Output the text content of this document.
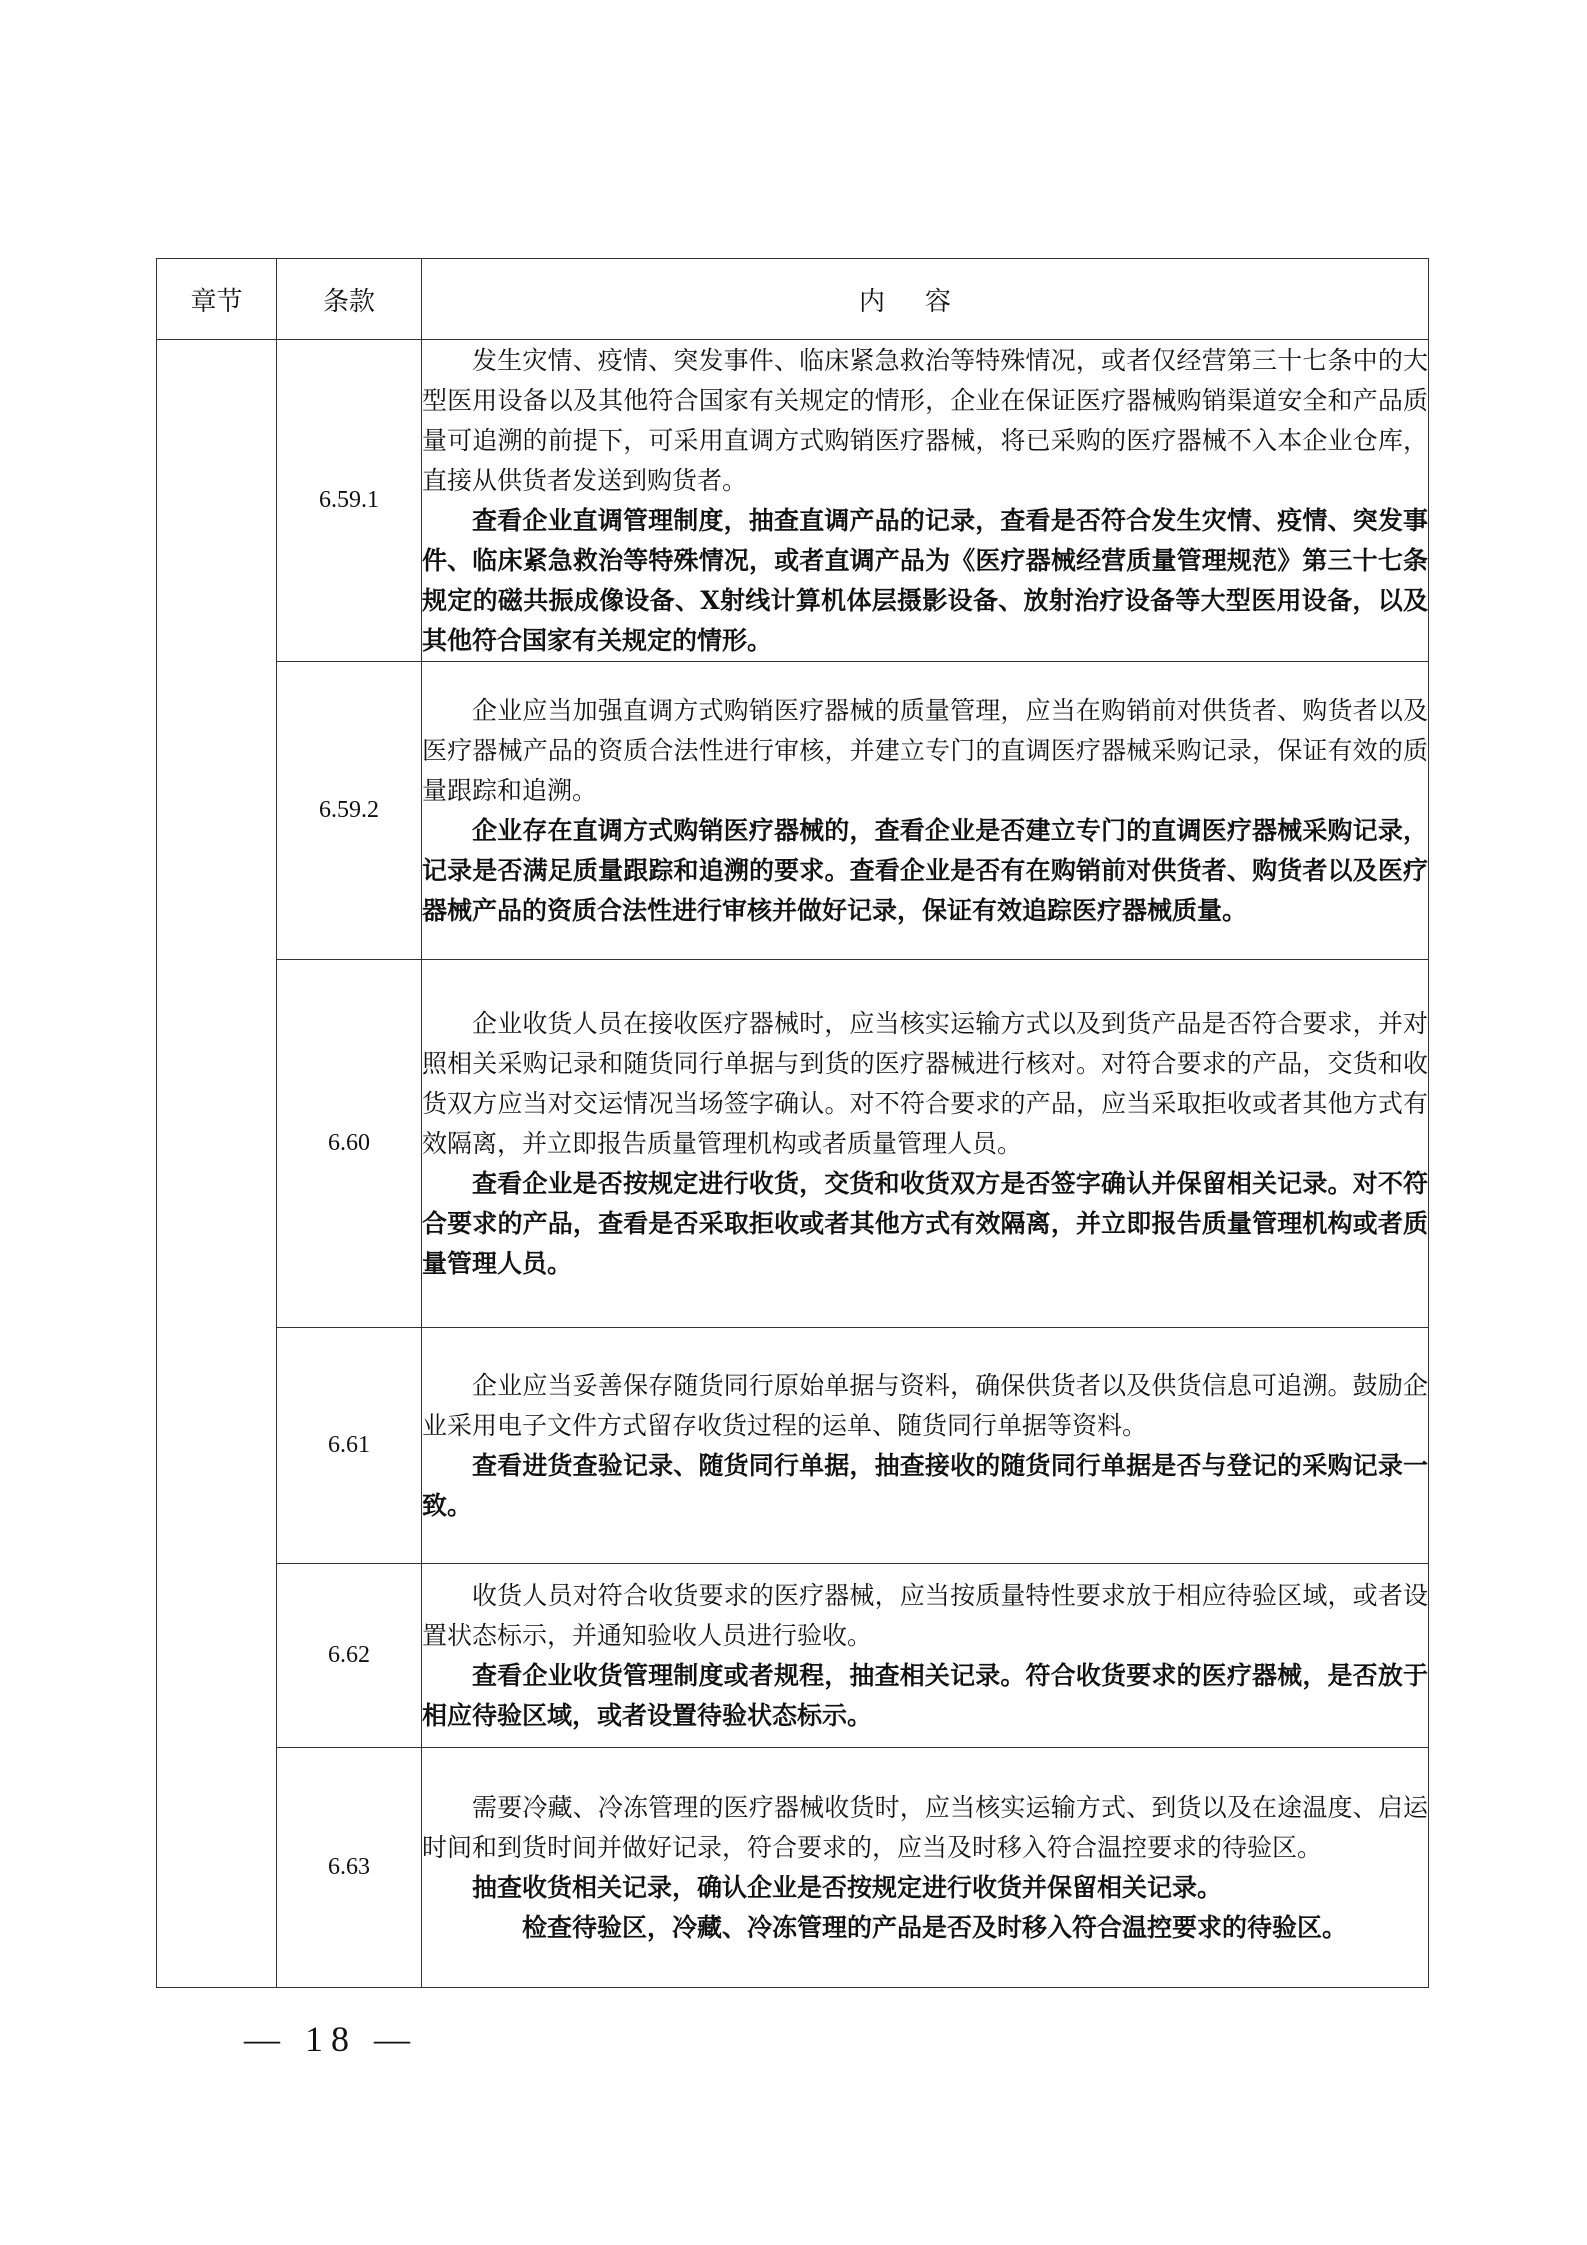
章节	条款	内容
	6.59.1	发生灾情、疫情、突发事件、临床紧急救治等特殊情况，或者仅经营第三十七条中的大型医用设备以及其他符合国家有关规定的情形，企业在保证医疗器械购销渠道安全和产品质量可追溯的前提下，可采用直调方式购销医疗器械，将已采购的医疗器械不入本企业仓库，直接从供货者发送到购货者。

查看企业直调管理制度，抽查直调产品的记录，查看是否符合发生灾情、疫情、突发事件、临床紧急救治等特殊情况，或者直调产品为《医疗器械经营质量管理规范》第三十七条规定的磁共振成像设备、X射线计算机体层摄影设备、放射治疗设备等大型医用设备，以及其他符合国家有关规定的情形。

	6.59.2	企业应当加强直调方式购销医疗器械的质量管理，应当在购销前对供货者、购货者以及医疗器械产品的资质合法性进行审核，并建立专门的直调医疗器械采购记录，保证有效的质量跟踪和追溯。

企业存在直调方式购销医疗器械的，查看企业是否建立专门的直调医疗器械采购记录，记录是否满足质量跟踪和追溯的要求。查看企业是否有在购销前对供货者、购货者以及医疗器械产品的资质合法性进行审核并做好记录，保证有效追踪医疗器械质量。

	6.60	企业收货人员在接收医疗器械时，应当核实运输方式以及到货产品是否符合要求，并对照相关采购记录和随货同行单据与到货的医疗器械进行核对。对符合要求的产品，交货和收货双方应当对交运情况当场签字确认。对不符合要求的产品，应当采取拒收或者其他方式有效隔离，并立即报告质量管理机构或者质量管理人员。

查看企业是否按规定进行收货，交货和收货双方是否签字确认并保留相关记录。对不符合要求的产品，查看是否采取拒收或者其他方式有效隔离，并立即报告质量管理机构或者质量管理人员。

	6.61	企业应当妥善保存随货同行原始单据与资料，确保供货者以及供货信息可追溯。鼓励企业采用电子文件方式留存收货过程的运单、随货同行单据等资料。

查看进货查验记录、随货同行单据，抽查接收的随货同行单据是否与登记的采购记录一致。

	6.62	收货人员对符合收货要求的医疗器械，应当按质量特性要求放于相应待验区域，或者设置状态标示，并通知验收人员进行验收。

查看企业收货管理制度或者规程，抽查相关记录。符合收货要求的医疗器械，是否放于相应待验区域，或者设置待验状态标示。

	6.63	需要冷藏、冷冻管理的医疗器械收货时，应当核实运输方式、到货以及在途温度、启运时间和到货时间并做好记录，符合要求的，应当及时移入符合温控要求的待验区。

抽查收货相关记录，确认企业是否按规定进行收货并保留相关记录。

检查待验区，冷藏、冷冻管理的产品是否及时移入符合温控要求的待验区。

— 18 —
